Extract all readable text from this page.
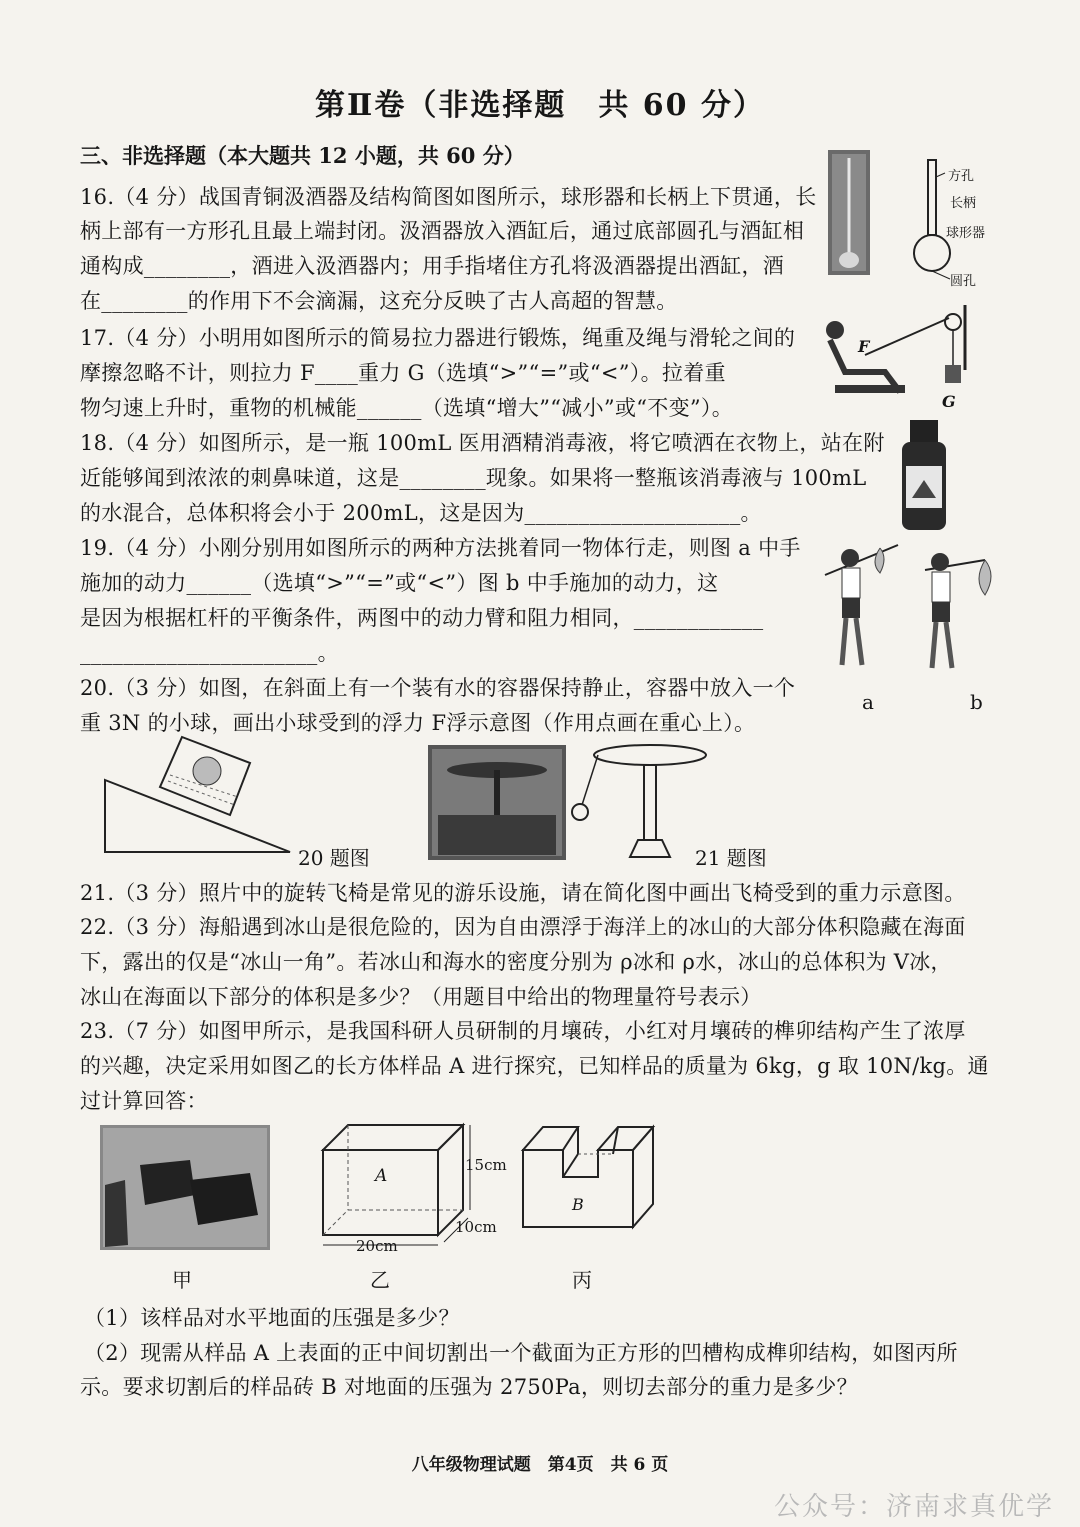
第Ⅱ卷（非选择题　共 60 分）
三、非选择题（本大题共 12 小题，共 60 分）
16.（4 分）战国青铜汲酒器及结构简图如图所示，球形器和长柄上下贯通，长
柄上部有一方形孔且最上端封闭。汲酒器放入酒缸后，通过底部圆孔与酒缸相
通构成________，酒进入汲酒器内；用手指堵住方孔将汲酒器提出酒缸，酒
在________的作用下不会滴漏，这充分反映了古人高超的智慧。
方孔
长柄
球形器
圆孔
17.（4 分）小明用如图所示的简易拉力器进行锻炼，绳重及绳与滑轮之间的
摩擦忽略不计，则拉力 F____重力 G（选填“>”“=”或“<”）。拉着重
物匀速上升时，重物的机械能______（选填“增大”“减小”或“不变”）。
F
G
18.（4 分）如图所示，是一瓶 100mL 医用酒精消毒液，将它喷洒在衣物上，站在附
近能够闻到浓浓的刺鼻味道，这是________现象。如果将一整瓶该消毒液与 100mL
的水混合，总体积将会小于 200mL，这是因为____________________。
19.（4 分）小刚分别用如图所示的两种方法挑着同一物体行走，则图 a 中手
施加的动力______（选填“>”“=”或“<”）图 b 中手施加的动力，这
是因为根据杠杆的平衡条件，两图中的动力臂和阻力相同，____________
______________________。
a	b
20.（3 分）如图，在斜面上有一个装有水的容器保持静止，容器中放入一个
重 3N 的小球，画出小球受到的浮力 F浮示意图（作用点画在重心上）。
20 题图	21 题图
21.（3 分）照片中的旋转飞椅是常见的游乐设施，请在简化图中画出飞椅受到的重力示意图。
22.（3 分）海船遇到冰山是很危险的，因为自由漂浮于海洋上的冰山的大部分体积隐藏在海面
下，露出的仅是“冰山一角”。若冰山和海水的密度分别为 ρ冰和 ρ水，冰山的总体积为 V冰，
冰山在海面以下部分的体积是多少？（用题目中给出的物理量符号表示）
23.（7 分）如图甲所示，是我国科研人员研制的月壤砖，小红对月壤砖的榫卯结构产生了浓厚
的兴趣，决定采用如图乙的长方体样品 A 进行探究，已知样品的质量为 6kg，g 取 10N/kg。通
过计算回答：
A
15cm
10cm
20cm
B
甲	乙	丙
（1）该样品对水平地面的压强是多少？
（2）现需从样品 A 上表面的正中间切割出一个截面为正方形的凹槽构成榫卯结构，如图丙所
示。要求切割后的样品砖 B 对地面的压强为 2750Pa，则切去部分的重力是多少？
八年级物理试题　第4页　共 6 页
公众号：济南求真优学
